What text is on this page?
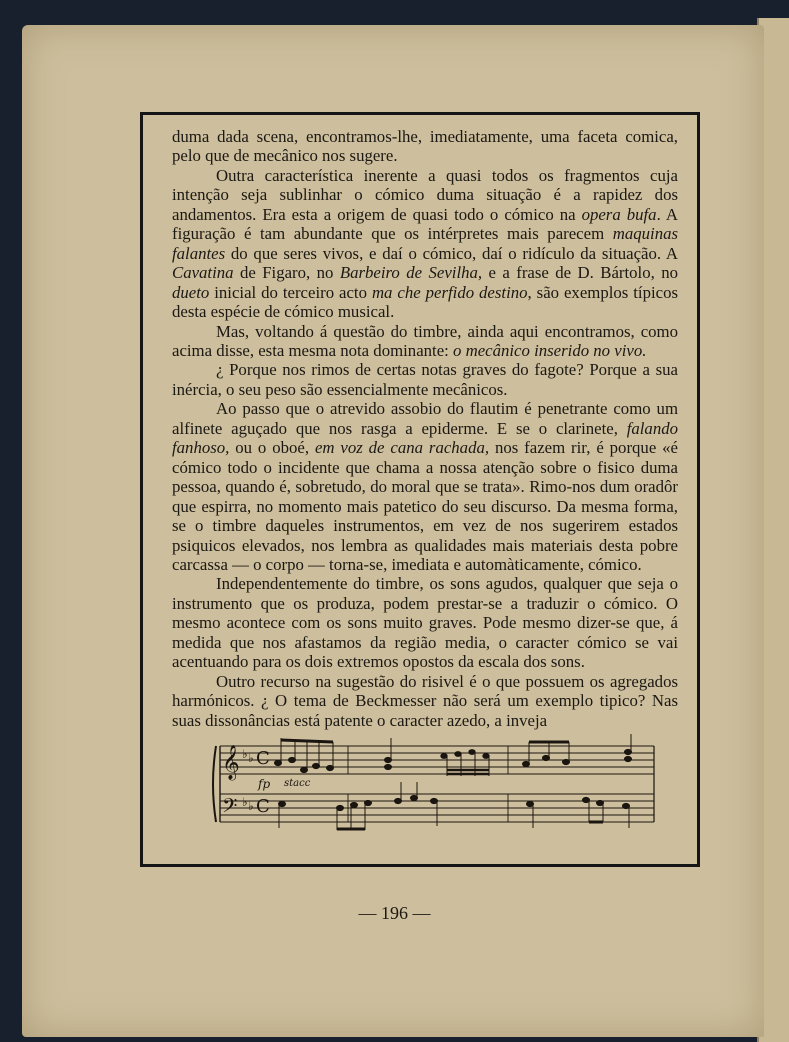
duma dada scena, encontramos-lhe, imediatamente, uma faceta comica, pelo que de mecânico nos sugere.

Outra característica inerente a quasi todos os fragmentos cuja intenção seja sublinhar o cómico duma situação é a rapidez dos andamentos. Era esta a origem de quasi todo o cómico na opera bufa. A figuração é tam abundante que os intérpretes mais parecem maquinas falantes do que seres vivos, e daí o cómico, daí o ridículo da situação. A Cavatina de Figaro, no Barbeiro de Sevilha, e a frase de D. Bártolo, no dueto inicial do terceiro acto ma che perfido destino, são exemplos típicos desta espécie de cómico musical.

Mas, voltando á questão do timbre, ainda aqui encontramos, como acima disse, esta mesma nota dominante: o mecânico inserido no vivo.

¿ Porque nos rimos de certas notas graves do fagote? Porque a sua inércia, o seu peso são essencialmente mecânicos.

Ao passo que o atrevido assobio do flautim é penetrante como um alfinete aguçado que nos rasga a epiderme. E se o clarinete, falando fanhoso, ou o oboé, em voz de cana rachada, nos fazem rir, é porque «é cómico todo o incidente que chama a nossa atenção sobre o fisico duma pessoa, quando é, sobretudo, do moral que se trata». Rimo-nos dum oradôr que espirra, no momento mais patetico do seu discurso. Da mesma forma, se o timbre daqueles instrumentos, em vez de nos sugerirem estados psiquicos elevados, nos lembra as qualidades mais materiais desta pobre carcassa — o corpo — torna-se, imediata e automàticamente, cómico.

Independentemente do timbre, os sons agudos, qualquer que seja o instrumento que os produza, podem prestar-se a traduzir o cómico. O mesmo acontece com os sons muito graves. Pode mesmo dizer-se que, á medida que nos afastamos da região media, o caracter cómico se vai acentuando para os dois extremos opostos da escala dos sons.

Outro recurso na sugestão do risivel é o que possuem os agregados harmónicos. ¿ O tema de Beckmesser não será um exemplo tipico? Nas suas dissonâncias está patente o caracter azedo, a inveja

𝄞
𝄢
♭ ♭
♭ ♭
C
C
fp stacc
— 196 —
